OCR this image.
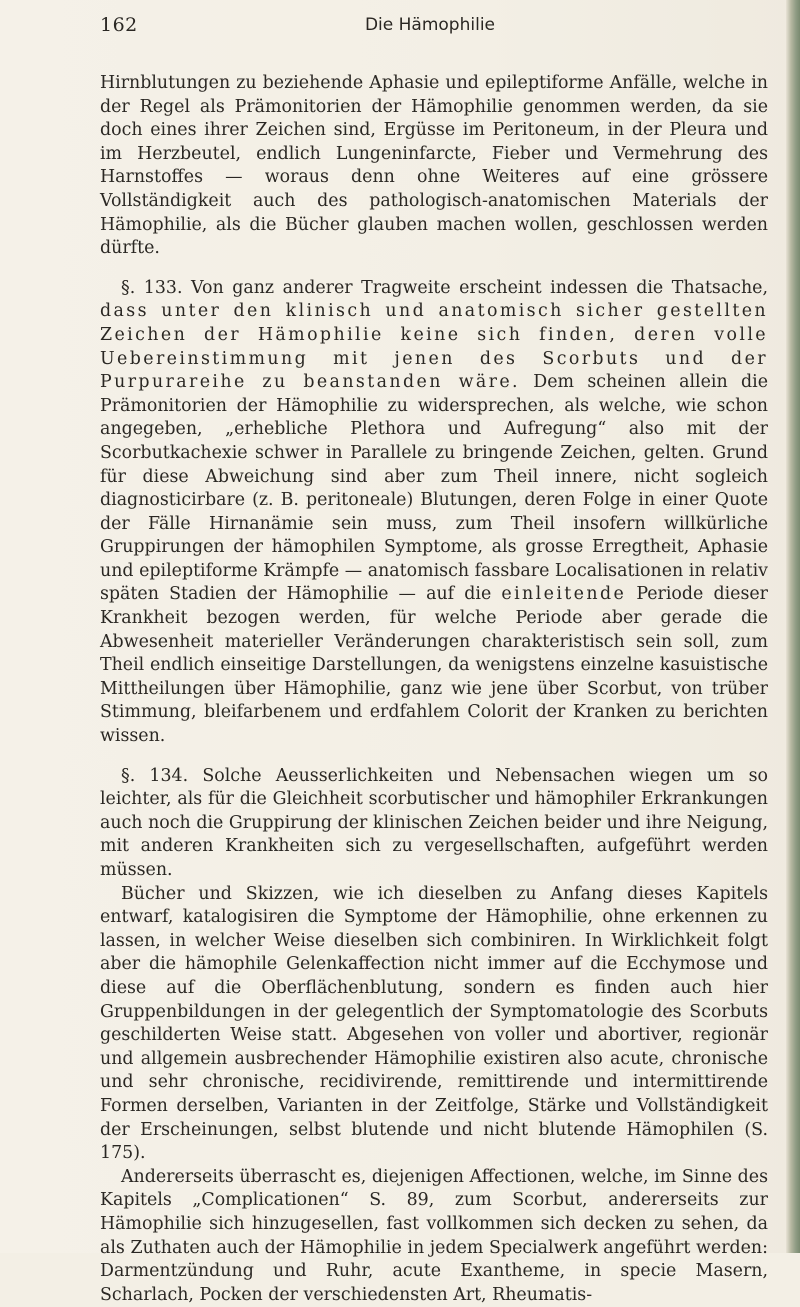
162	Die Hämophilie

Hirnblutungen zu beziehende Aphasie und epileptiforme Anfälle, welche in der Regel als Prämonitorien der Hämophilie genommen werden, da sie doch eines ihrer Zeichen sind, Ergüsse im Peritoneum, in der Pleura und im Herzbeutel, endlich Lungeninfarcte, Fieber und Vermehrung des Harnstoffes — woraus denn ohne Weiteres auf eine grössere Vollständigkeit auch des pathologisch-anatomischen Materials der Hämophilie, als die Bücher glauben machen wollen, geschlossen werden dürfte.

§. 133. Von ganz anderer Tragweite erscheint indessen die Thatsache, dass unter den klinisch und anatomisch sicher gestellten Zeichen der Hämophilie keine sich finden, deren volle Uebereinstimmung mit jenen des Scorbuts und der Purpurareihe zu beanstanden wäre. Dem scheinen allein die Prämonitorien der Hämophilie zu widersprechen, als welche, wie schon angegeben, „erhebliche Plethora und Aufregung“ also mit der Scorbutkachexie schwer in Parallele zu bringende Zeichen, gelten. Grund für diese Abweichung sind aber zum Theil innere, nicht sogleich diagnosticirbare (z. B. peritoneale) Blutungen, deren Folge in einer Quote der Fälle Hirnanämie sein muss, zum Theil insofern willkürliche Gruppirungen der hämophilen Symptome, als grosse Erregtheit, Aphasie und epileptiforme Krämpfe — anatomisch fassbare Localisationen in relativ späten Stadien der Hämophilie — auf die einleitende Periode dieser Krankheit bezogen werden, für welche Periode aber gerade die Abwesenheit materieller Veränderungen charakteristisch sein soll, zum Theil endlich einseitige Darstellungen, da wenigstens einzelne kasuistische Mittheilungen über Hämophilie, ganz wie jene über Scorbut, von trüber Stimmung, bleifarbenem und erdfahlem Colorit der Kranken zu berichten wissen.

§. 134. Solche Aeusserlichkeiten und Nebensachen wiegen um so leichter, als für die Gleichheit scorbutischer und hämophiler Erkrankungen auch noch die Gruppirung der klinischen Zeichen beider und ihre Neigung, mit anderen Krankheiten sich zu vergesellschaften, aufgeführt werden müssen.

Bücher und Skizzen, wie ich dieselben zu Anfang dieses Kapitels entwarf, katalogisiren die Symptome der Hämophilie, ohne erkennen zu lassen, in welcher Weise dieselben sich combiniren. In Wirklichkeit folgt aber die hämophile Gelenkaffection nicht immer auf die Ecchymose und diese auf die Oberflächenblutung, sondern es finden auch hier Gruppenbildungen in der gelegentlich der Symptomatologie des Scorbuts geschilderten Weise statt. Abgesehen von voller und abortiver, regionär und allgemein ausbrechender Hämophilie existiren also acute, chronische und sehr chronische, recidivirende, remittirende und intermittirende Formen derselben, Varianten in der Zeitfolge, Stärke und Vollständigkeit der Erscheinungen, selbst blutende und nicht blutende Hämophilen (S. 175).

Andererseits überrascht es, diejenigen Affectionen, welche, im Sinne des Kapitels „Complicationen“ S. 89, zum Scorbut, andererseits zur Hämophilie sich hinzugesellen, fast vollkommen sich decken zu sehen, da als Zuthaten auch der Hämophilie in jedem Specialwerk angeführt werden: Darmentzündung und Ruhr, acute Exantheme, in specie Masern, Scharlach, Pocken der verschiedensten Art, Rheumatis-
